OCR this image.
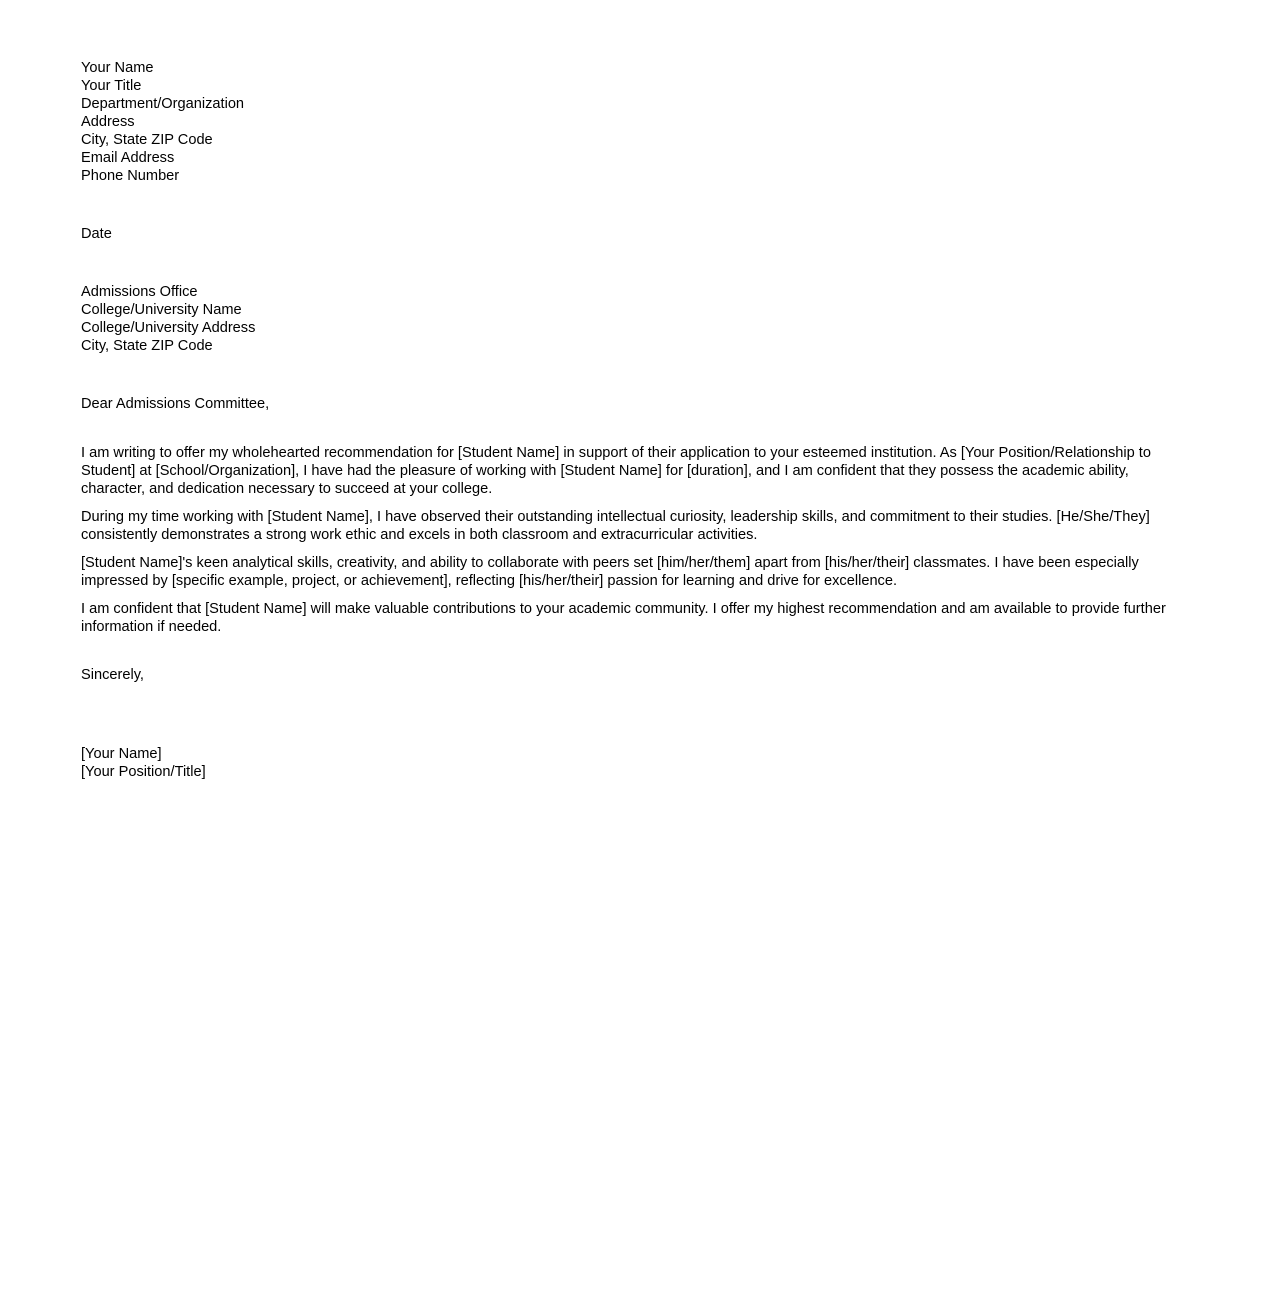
Your Name
Your Title
Department/Organization
Address
City, State ZIP Code
Email Address
Phone Number
Date
Admissions Office
College/University Name
College/University Address
City, State ZIP Code
Dear Admissions Committee,

I am writing to offer my wholehearted recommendation for [Student Name] in support of their application to your esteemed institution. As [Your Position/Relationship to Student] at [School/Organization], I have had the pleasure of working with [Student Name] for [duration], and I am confident that they possess the academic ability, character, and dedication necessary to succeed at your college.

During my time working with [Student Name], I have observed their outstanding intellectual curiosity, leadership skills, and commitment to their studies. [He/She/They] consistently demonstrates a strong work ethic and excels in both classroom and extracurricular activities.

[Student Name]'s keen analytical skills, creativity, and ability to collaborate with peers set [him/her/them] apart from [his/her/their] classmates. I have been especially impressed by [specific example, project, or achievement], reflecting [his/her/their] passion for learning and drive for excellence.

I am confident that [Student Name] will make valuable contributions to your academic community. I offer my highest recommendation and am available to provide further information if needed.

Sincerely,
[Your Name]
[Your Position/Title]
